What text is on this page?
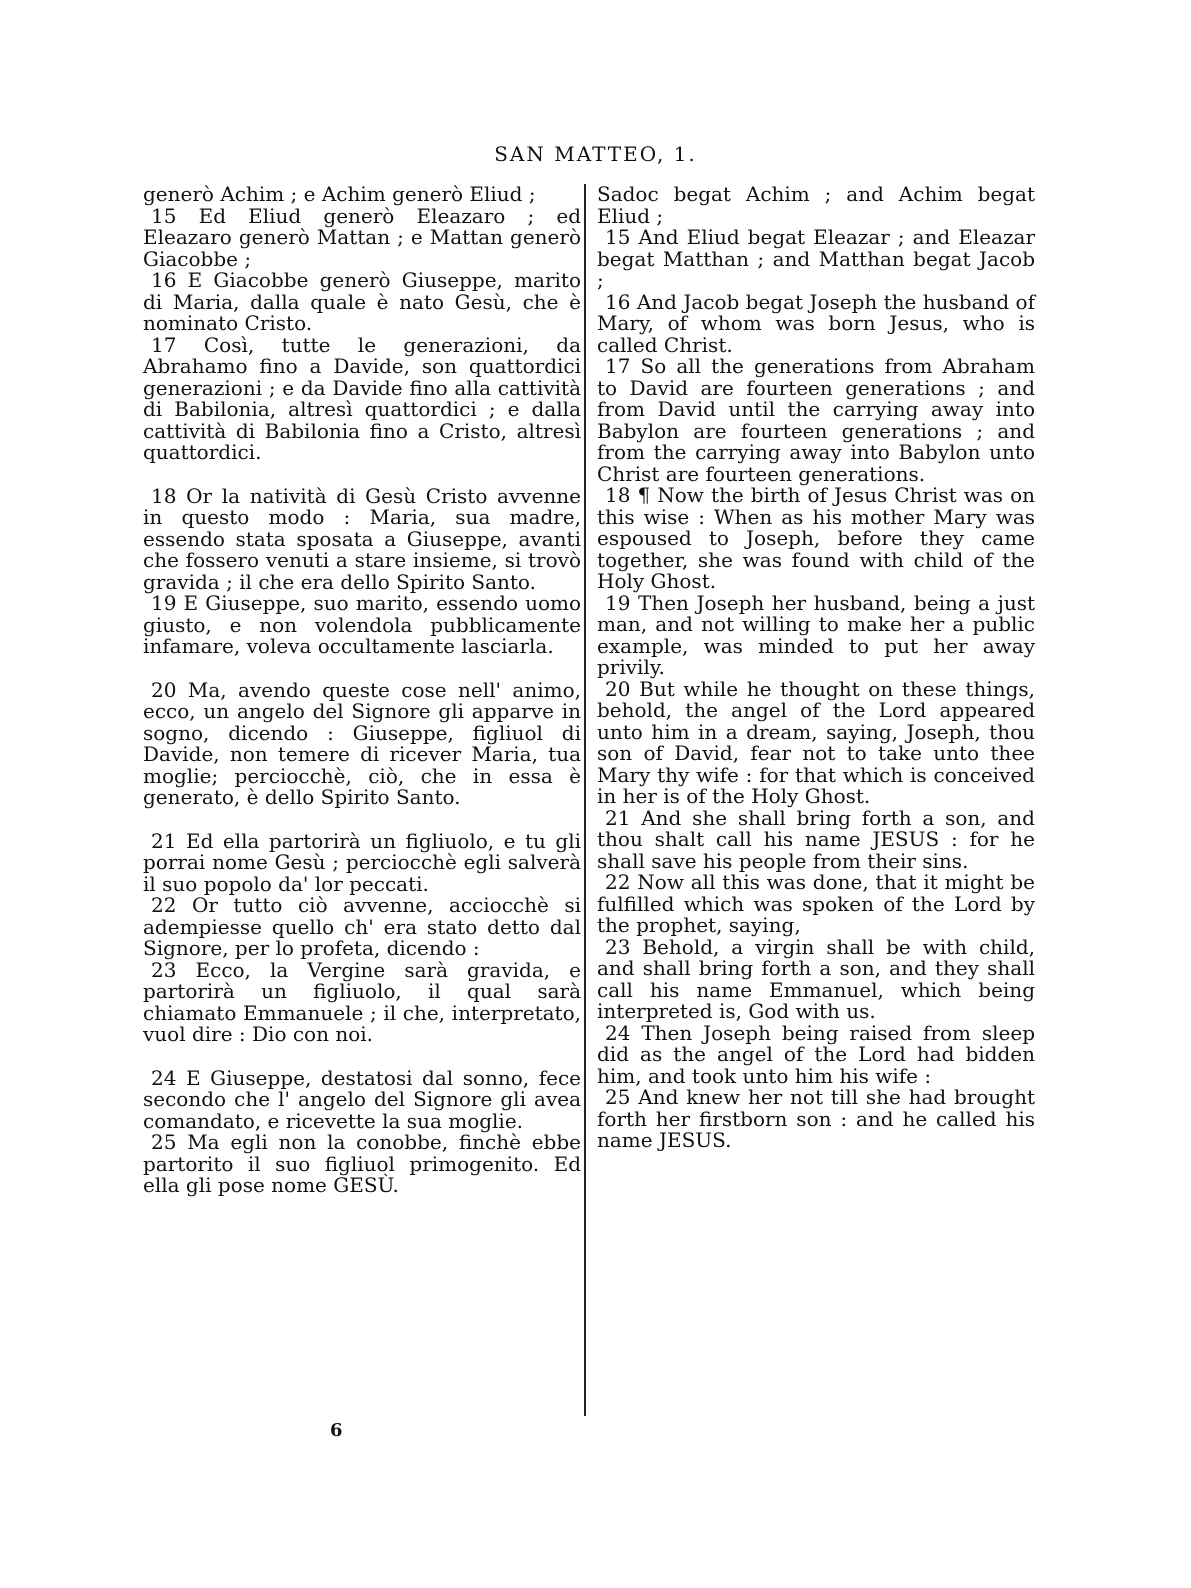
SAN MATTEO, 1.

generò Achim ; e Achim generò Eliud ;

15 Ed Eliud generò Eleazaro ; ed Eleazaro generò Mattan ; e Mattan generò Giacobbe ;

16 E Giacobbe generò Giuseppe, marito di Maria, dalla quale è nato Gesù, che è nominato Cristo.

17 Così, tutte le generazioni, da Abrahamo fino a Davide, son quattordici generazioni ; e da Davide fino alla cattività di Babilonia, altresì quattordici ; e dalla cattività di Babilonia fino a Cristo, altresì quattordici.

18 Or la natività di Gesù Cristo avvenne in questo modo : Maria, sua madre, essendo stata sposata a Giuseppe, avanti che fossero venuti a stare insieme, si trovò gravida ; il che era dello Spirito Santo.

19 E Giuseppe, suo marito, essendo uomo giusto, e non volendola pubblicamente infamare, voleva occultamente lasciarla.

20 Ma, avendo queste cose nell' animo, ecco, un angelo del Signore gli apparve in sogno, dicendo : Giuseppe, figliuol di Davide, non temere di ricever Maria, tua moglie; perciocchè, ciò, che in essa è generato, è dello Spirito Santo.

21 Ed ella partorirà un figliuolo, e tu gli porrai nome Gesù ; perciocchè egli salverà il suo popolo da' lor peccati.

22 Or tutto ciò avvenne, acciocchè si adempiesse quello ch' era stato detto dal Signore, per lo profeta, dicendo :

23 Ecco, la Vergine sarà gravida, e partorirà un figliuolo, il qual sarà chiamato Emmanuele ; il che, interpretato, vuol dire : Dio con noi.

24 E Giuseppe, destatosi dal sonno, fece secondo che l' angelo del Signore gli avea comandato, e ricevette la sua moglie.

25 Ma egli non la conobbe, finchè ebbe partorito il suo figliuol primogenito. Ed ella gli pose nome GESÙ.

Sadoc begat Achim ; and Achim begat Eliud ;

15 And Eliud begat Eleazar ; and Eleazar begat Matthan ; and Matthan begat Jacob ;

16 And Jacob begat Joseph the husband of Mary, of whom was born Jesus, who is called Christ.

17 So all the generations from Abraham to David are fourteen generations ; and from David until the carrying away into Babylon are fourteen generations ; and from the carrying away into Babylon unto Christ are fourteen generations.

18 ¶ Now the birth of Jesus Christ was on this wise : When as his mother Mary was espoused to Joseph, before they came together, she was found with child of the Holy Ghost.

19 Then Joseph her husband, being a just man, and not willing to make her a public example, was minded to put her away privily.

20 But while he thought on these things, behold, the angel of the Lord appeared unto him in a dream, saying, Joseph, thou son of David, fear not to take unto thee Mary thy wife : for that which is conceived in her is of the Holy Ghost.

21 And she shall bring forth a son, and thou shalt call his name JESUS : for he shall save his people from their sins.

22 Now all this was done, that it might be fulfilled which was spoken of the Lord by the prophet, saying,

23 Behold, a virgin shall be with child, and shall bring forth a son, and they shall call his name Emmanuel, which being interpreted is, God with us.

24 Then Joseph being raised from sleep did as the angel of the Lord had bidden him, and took unto him his wife :

25 And knew her not till she had brought forth her firstborn son : and he called his name JESUS.

6
